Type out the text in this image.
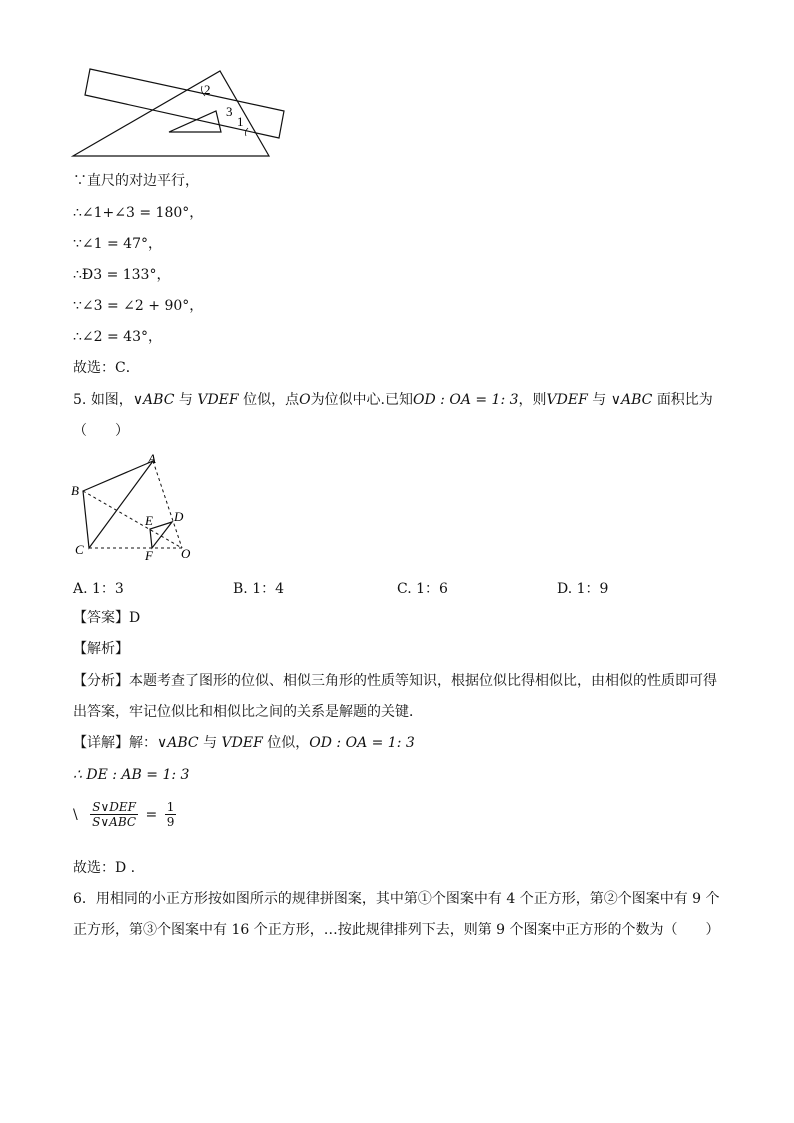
2
3
1
∵直尺的对边平行，
∴∠1+∠3 = 180°，
∵∠1 = 47°，
∴Ð3 = 133°，
∵∠3 = ∠2 + 90°，
∴∠2 = 43°，
故选：C．
5. 如图，∨ABC 与 VDEF 位似，点O为位似中心.已知OD : OA = 1: 3，则VDEF 与 ∨ABC 面积比为
（　　）
A
B
C
D
E
F O
A. 1：3	B. 1：4	C. 1：6	D. 1：9
【答案】D
【解析】
【分析】本题考查了图形的位似、相似三角形的性质等知识，根据位似比得相似比，由相似的性质即可得
出答案，牢记位似比和相似比之间的关系是解题的关键．
【详解】解：∨ABC 与 VDEF 位似，OD : OA = 1: 3
∴ DE : AB = 1: 3
\ $\frac{\text{S∨DEF}}{\text{S∨ABC}} = \frac{1}{9}$
故选：D .
6．用相同的小正方形按如图所示的规律拼图案，其中第①个图案中有 4 个正方形，第②个图案中有 9 个
正方形，第③个图案中有 16 个正方形，…按此规律排列下去，则第 9 个图案中正方形的个数为（　　）
